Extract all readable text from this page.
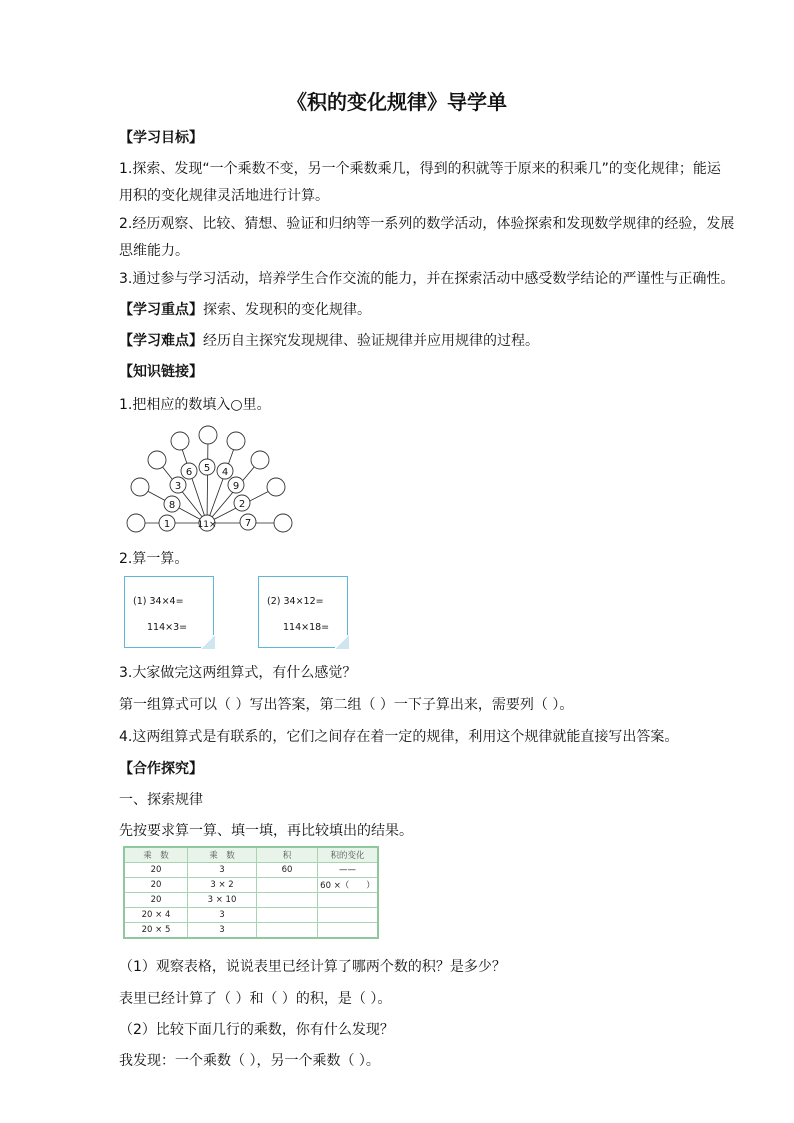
《积的变化规律》导学单
【学习目标】
1.探索、发现“一个乘数不变，另一个乘数乘几，得到的积就等于原来的积乘几”的变化规律；能运
用积的变化规律灵活地进行计算。
2.经历观察、比较、猜想、验证和归纳等一系列的数学活动，体验探索和发现数学规律的经验，发展
思维能力。
3.通过参与学习活动，培养学生合作交流的能力，并在探索活动中感受数学结论的严谨性与正确性。
【学习重点】探索、发现积的变化规律。
【学习难点】经历自主探究发现规律、验证规律并应用规律的过程。
【知识链接】
1.把相应的数填入○里。
1
8
3
6 5 4
9
2
7
11×
2.算一算。
(1) 34×4=
114×3=
(2) 34×12=
114×18=
3.大家做完这两组算式，有什么感觉？
第一组算式可以（ ）写出答案，第二组（ ）一下子算出来，需要列（ ）。
4.这两组算式是有联系的，它们之间存在着一定的规律，利用这个规律就能直接写出答案。
【合作探究】
一、探索规律
先按要求算一算、填一填，再比较填出的结果。
乘　数	乘　数	积	积的变化
20	3	60	——
20	3 × 2		60 ×（　　）
20	3 × 10		
20 × 4	3		
20 × 5	3		
（1）观察表格，说说表里已经计算了哪两个数的积？是多少？
表里已经计算了（ ）和（ ）的积，是（ ）。
（2）比较下面几行的乘数，你有什么发现？
我发现：一个乘数（ ），另一个乘数（ ）。
